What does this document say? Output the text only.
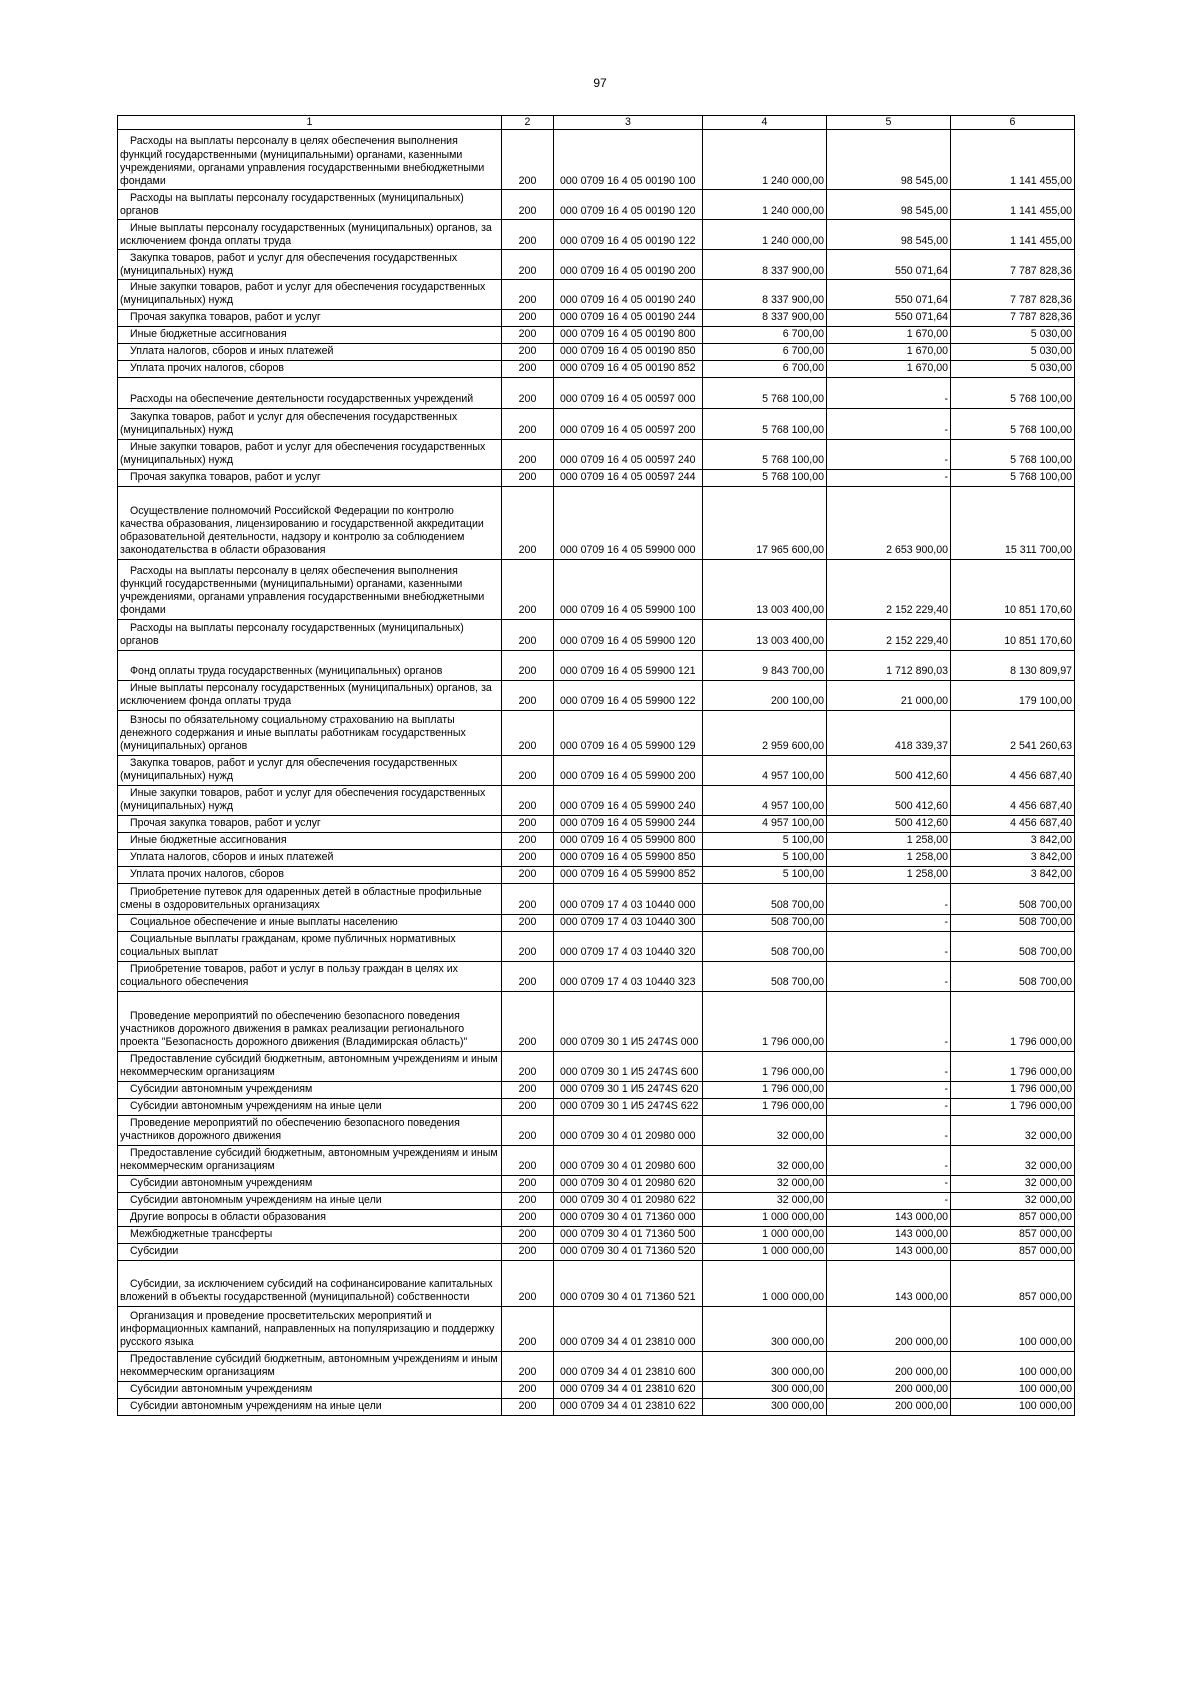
97
1	2	3	4	5	6

Расходы на выплаты персоналу в целях обеспечения выполнения функций государственными (муниципальными) органами, казенными учреждениями, органами управления государственными внебюджетными фондами	200	000 0709 16 4 05 00190 100	1 240 000,00	98 545,00	1 141 455,00

Расходы на выплаты персоналу государственных (муниципальных) органов	200	000 0709 16 4 05 00190 120	1 240 000,00	98 545,00	1 141 455,00

Иные выплаты персоналу государственных (муниципальных) органов, за исключением фонда оплаты труда	200	000 0709 16 4 05 00190 122	1 240 000,00	98 545,00	1 141 455,00

Закупка товаров, работ и услуг для обеспечения государственных (муниципальных) нужд	200	000 0709 16 4 05 00190 200	8 337 900,00	550 071,64	7 787 828,36

Иные закупки товаров, работ и услуг для обеспечения государственных (муниципальных) нужд	200	000 0709 16 4 05 00190 240	8 337 900,00	550 071,64	7 787 828,36

Прочая закупка товаров, работ и услуг	200	000 0709 16 4 05 00190 244	8 337 900,00	550 071,64	7 787 828,36

Иные бюджетные ассигнования	200	000 0709 16 4 05 00190 800	6 700,00	1 670,00	5 030,00

Уплата налогов, сборов и иных платежей	200	000 0709 16 4 05 00190 850	6 700,00	1 670,00	5 030,00

Уплата прочих налогов, сборов	200	000 0709 16 4 05 00190 852	6 700,00	1 670,00	5 030,00

Расходы на обеспечение деятельности государственных учреждений	200	000 0709 16 4 05 00597 000	5 768 100,00	-	5 768 100,00

Закупка товаров, работ и услуг для обеспечения государственных (муниципальных) нужд	200	000 0709 16 4 05 00597 200	5 768 100,00	-	5 768 100,00

Иные закупки товаров, работ и услуг для обеспечения государственных (муниципальных) нужд	200	000 0709 16 4 05 00597 240	5 768 100,00	-	5 768 100,00

Прочая закупка товаров, работ и услуг	200	000 0709 16 4 05 00597 244	5 768 100,00	-	5 768 100,00

Осуществление полномочий Российской Федерации по контролю качества образования, лицензированию и государственной аккредитации образовательной деятельности, надзору и контролю за соблюдением законодательства в области образования	200	000 0709 16 4 05 59900 000	17 965 600,00	2 653 900,00	15 311 700,00

Расходы на выплаты персоналу в целях обеспечения выполнения функций государственными (муниципальными) органами, казенными учреждениями, органами управления государственными внебюджетными фондами	200	000 0709 16 4 05 59900 100	13 003 400,00	2 152 229,40	10 851 170,60

Расходы на выплаты персоналу государственных (муниципальных) органов	200	000 0709 16 4 05 59900 120	13 003 400,00	2 152 229,40	10 851 170,60

Фонд оплаты труда государственных (муниципальных) органов	200	000 0709 16 4 05 59900 121	9 843 700,00	1 712 890,03	8 130 809,97

Иные выплаты персоналу государственных (муниципальных) органов, за исключением фонда оплаты труда	200	000 0709 16 4 05 59900 122	200 100,00	21 000,00	179 100,00

Взносы по обязательному социальному страхованию на выплаты денежного содержания и иные выплаты работникам государственных (муниципальных) органов	200	000 0709 16 4 05 59900 129	2 959 600,00	418 339,37	2 541 260,63

Закупка товаров, работ и услуг для обеспечения государственных (муниципальных) нужд	200	000 0709 16 4 05 59900 200	4 957 100,00	500 412,60	4 456 687,40

Иные закупки товаров, работ и услуг для обеспечения государственных (муниципальных) нужд	200	000 0709 16 4 05 59900 240	4 957 100,00	500 412,60	4 456 687,40

Прочая закупка товаров, работ и услуг	200	000 0709 16 4 05 59900 244	4 957 100,00	500 412,60	4 456 687,40

Иные бюджетные ассигнования	200	000 0709 16 4 05 59900 800	5 100,00	1 258,00	3 842,00

Уплата налогов, сборов и иных платежей	200	000 0709 16 4 05 59900 850	5 100,00	1 258,00	3 842,00

Уплата прочих налогов, сборов	200	000 0709 16 4 05 59900 852	5 100,00	1 258,00	3 842,00

Приобретение путевок для одаренных детей в областные профильные смены в оздоровительных организациях	200	000 0709 17 4 03 10440 000	508 700,00	-	508 700,00

Социальное обеспечение и иные выплаты населению	200	000 0709 17 4 03 10440 300	508 700,00	-	508 700,00

Социальные выплаты гражданам, кроме публичных нормативных социальных выплат	200	000 0709 17 4 03 10440 320	508 700,00	-	508 700,00

Приобретение товаров, работ и услуг в пользу граждан в целях их социального обеспечения	200	000 0709 17 4 03 10440 323	508 700,00	-	508 700,00

Проведение мероприятий по обеспечению безопасного поведения участников дорожного движения в рамках реализации регионального проекта "Безопасность дорожного движения (Владимирская область)"	200	000 0709 30 1 И5 2474S 000	1 796 000,00	-	1 796 000,00

Предоставление субсидий бюджетным, автономным учреждениям и иным некоммерческим организациям	200	000 0709 30 1 И5 2474S 600	1 796 000,00	-	1 796 000,00

Субсидии автономным учреждениям	200	000 0709 30 1 И5 2474S 620	1 796 000,00	-	1 796 000,00

Субсидии автономным учреждениям на иные цели	200	000 0709 30 1 И5 2474S 622	1 796 000,00	-	1 796 000,00

Проведение мероприятий по обеспечению безопасного поведения участников дорожного движения	200	000 0709 30 4 01 20980 000	32 000,00	-	32 000,00

Предоставление субсидий бюджетным, автономным учреждениям и иным некоммерческим организациям	200	000 0709 30 4 01 20980 600	32 000,00	-	32 000,00

Субсидии автономным учреждениям	200	000 0709 30 4 01 20980 620	32 000,00	-	32 000,00

Субсидии автономным учреждениям на иные цели	200	000 0709 30 4 01 20980 622	32 000,00	-	32 000,00

Другие вопросы в области образования	200	000 0709 30 4 01 71360 000	1 000 000,00	143 000,00	857 000,00

Межбюджетные трансферты	200	000 0709 30 4 01 71360 500	1 000 000,00	143 000,00	857 000,00

Субсидии	200	000 0709 30 4 01 71360 520	1 000 000,00	143 000,00	857 000,00

Субсидии, за исключением субсидий на софинансирование капитальных вложений в объекты государственной (муниципальной) собственности	200	000 0709 30 4 01 71360 521	1 000 000,00	143 000,00	857 000,00

Организация и проведение просветительских мероприятий и информационных кампаний, направленных на популяризацию и поддержку русского языка	200	000 0709 34 4 01 23810 000	300 000,00	200 000,00	100 000,00

Предоставление субсидий бюджетным, автономным учреждениям и иным некоммерческим организациям	200	000 0709 34 4 01 23810 600	300 000,00	200 000,00	100 000,00

Субсидии автономным учреждениям	200	000 0709 34 4 01 23810 620	300 000,00	200 000,00	100 000,00

Субсидии автономным учреждениям на иные цели	200	000 0709 34 4 01 23810 622	300 000,00	200 000,00	100 000,00
